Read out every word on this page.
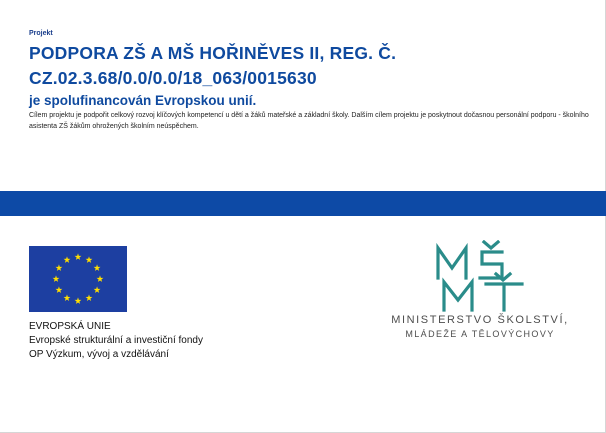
Projekt

PODPORA ZŠ A MŠ HOŘINĚVES II, REG. Č.

CZ.02.3.68/0.0/0.0/18_063/0015630

je spolufinancován Evropskou unií.

Cílem projektu je podpořit celkový rozvoj klíčových kompetencí u dětí a žáků mateřské a základní školy. Dalším cílem projektu je poskytnout dočasnou personální podporu - školního asistenta ZŠ žákům ohrožených školním neúspěchem.

EVROPSKÁ UNIE
Evropské strukturální a investiční fondy
OP Výzkum, vývoj a vzdělávání
MINISTERSTVO ŠKOLSTVÍ,
MLÁDEŽE A TĚLOVÝCHOVY
